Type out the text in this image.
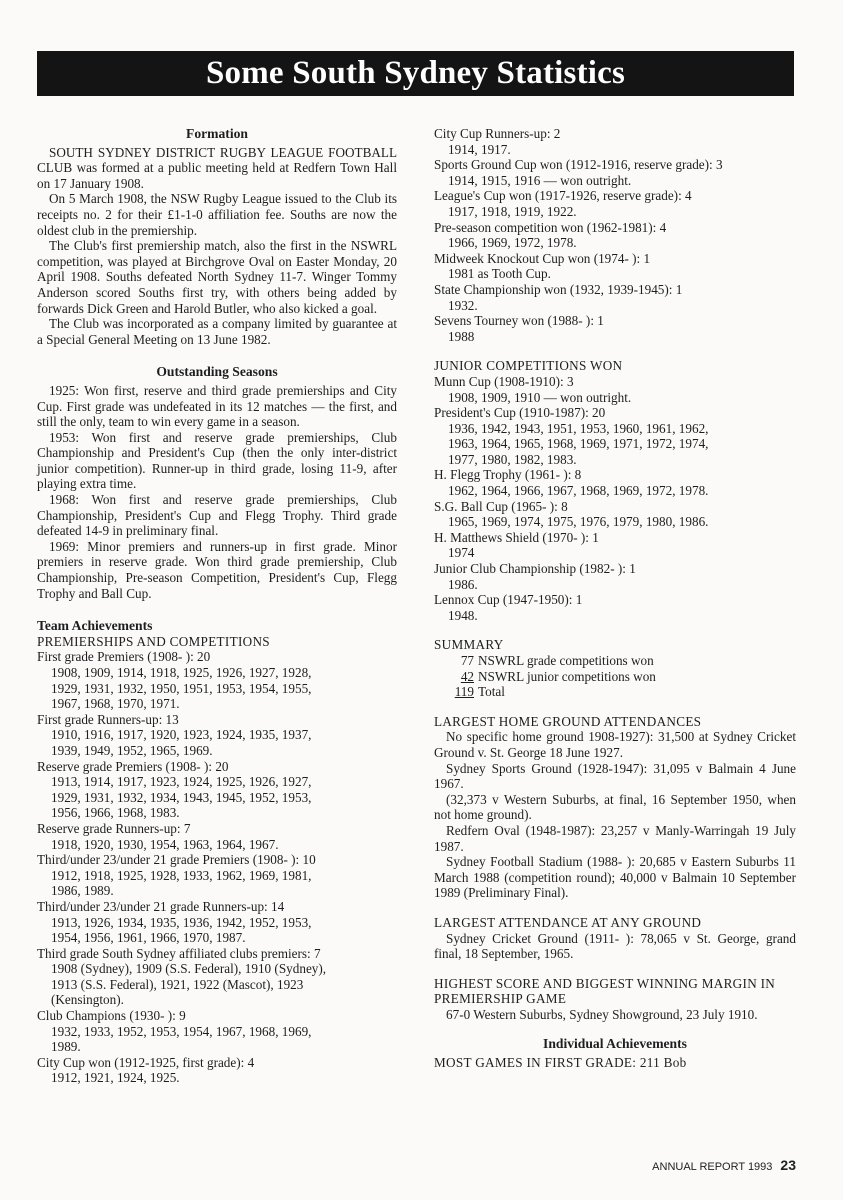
Some South Sydney Statistics
Formation

SOUTH SYDNEY DISTRICT RUGBY LEAGUE FOOTBALL CLUB was formed at a public meeting held at Redfern Town Hall on 17 January 1908.

On 5 March 1908, the NSW Rugby League issued to the Club its receipts no. 2 for their £1-1-0 affiliation fee. Souths are now the oldest club in the premiership.

The Club's first premiership match, also the first in the NSWRL competition, was played at Birchgrove Oval on Easter Monday, 20 April 1908. Souths defeated North Sydney 11-7. Winger Tommy Anderson scored Souths first try, with others being added by forwards Dick Green and Harold Butler, who also kicked a goal.

The Club was incorporated as a company limited by guarantee at a Special General Meeting on 13 June 1982.

Outstanding Seasons

1925: Won first, reserve and third grade premierships and City Cup. First grade was undefeated in its 12 matches — the first, and still the only, team to win every game in a season.

1953: Won first and reserve grade premierships, Club Championship and President's Cup (then the only inter-district junior competition). Runner-up in third grade, losing 11-9, after playing extra time.

1968: Won first and reserve grade premierships, Club Championship, President's Cup and Flegg Trophy. Third grade defeated 14-9 in preliminary final.

1969: Minor premiers and runners-up in first grade. Minor premiers in reserve grade. Won third grade premiership, Club Championship, Pre-season Competition, President's Cup, Flegg Trophy and Ball Cup.

Team Achievements
PREMIERSHIPS AND COMPETITIONS
First grade Premiers (1908- ): 20
1908, 1909, 1914, 1918, 1925, 1926, 1927, 1928,
1929, 1931, 1932, 1950, 1951, 1953, 1954, 1955,
1967, 1968, 1970, 1971.
First grade Runners-up: 13
1910, 1916, 1917, 1920, 1923, 1924, 1935, 1937,
1939, 1949, 1952, 1965, 1969.
Reserve grade Premiers (1908- ): 20
1913, 1914, 1917, 1923, 1924, 1925, 1926, 1927,
1929, 1931, 1932, 1934, 1943, 1945, 1952, 1953,
1956, 1966, 1968, 1983.
Reserve grade Runners-up: 7
1918, 1920, 1930, 1954, 1963, 1964, 1967.
Third/under 23/under 21 grade Premiers (1908- ): 10
1912, 1918, 1925, 1928, 1933, 1962, 1969, 1981,
1986, 1989.
Third/under 23/under 21 grade Runners-up: 14
1913, 1926, 1934, 1935, 1936, 1942, 1952, 1953,
1954, 1956, 1961, 1966, 1970, 1987.
Third grade South Sydney affiliated clubs premiers: 7
1908 (Sydney), 1909 (S.S. Federal), 1910 (Sydney),
1913 (S.S. Federal), 1921, 1922 (Mascot), 1923
(Kensington).
Club Champions (1930- ): 9
1932, 1933, 1952, 1953, 1954, 1967, 1968, 1969,
1989.
City Cup won (1912-1925, first grade): 4
1912, 1921, 1924, 1925.
City Cup Runners-up: 2
1914, 1917.
Sports Ground Cup won (1912-1916, reserve grade): 3
1914, 1915, 1916 — won outright.
League's Cup won (1917-1926, reserve grade): 4
1917, 1918, 1919, 1922.
Pre-season competition won (1962-1981): 4
1966, 1969, 1972, 1978.
Midweek Knockout Cup won (1974- ): 1
1981 as Tooth Cup.
State Championship won (1932, 1939-1945): 1
1932.
Sevens Tourney won (1988- ): 1
1988
JUNIOR COMPETITIONS WON
Munn Cup (1908-1910): 3
1908, 1909, 1910 — won outright.
President's Cup (1910-1987): 20
1936, 1942, 1943, 1951, 1953, 1960, 1961, 1962,
1963, 1964, 1965, 1968, 1969, 1971, 1972, 1974,
1977, 1980, 1982, 1983.
H. Flegg Trophy (1961- ): 8
1962, 1964, 1966, 1967, 1968, 1969, 1972, 1978.
S.G. Ball Cup (1965- ): 8
1965, 1969, 1974, 1975, 1976, 1979, 1980, 1986.
H. Matthews Shield (1970- ): 1
1974
Junior Club Championship (1982- ): 1
1986.
Lennox Cup (1947-1950): 1
1948.
SUMMARY
77 NSWRL grade competitions won
42 NSWRL junior competitions won
119 Total
LARGEST HOME GROUND ATTENDANCES

No specific home ground 1908-1927): 31,500 at Sydney Cricket Ground v. St. George 18 June 1927.

Sydney Sports Ground (1928-1947): 31,095 v Balmain 4 June 1967.

(32,373 v Western Suburbs, at final, 16 September 1950, when not home ground).

Redfern Oval (1948-1987): 23,257 v Manly-Warringah 19 July 1987.

Sydney Football Stadium (1988- ): 20,685 v Eastern Suburbs 11 March 1988 (competition round); 40,000 v Balmain 10 September 1989 (Preliminary Final).

LARGEST ATTENDANCE AT ANY GROUND

Sydney Cricket Ground (1911- ): 78,065 v St. George, grand final, 18 September, 1965.

HIGHEST SCORE AND BIGGEST WINNING MARGIN IN PREMIERSHIP GAME

67-0 Western Suburbs, Sydney Showground, 23 July 1910.

Individual Achievements
MOST GAMES IN FIRST GRADE: 211 Bob
ANNUAL REPORT 1993 23
